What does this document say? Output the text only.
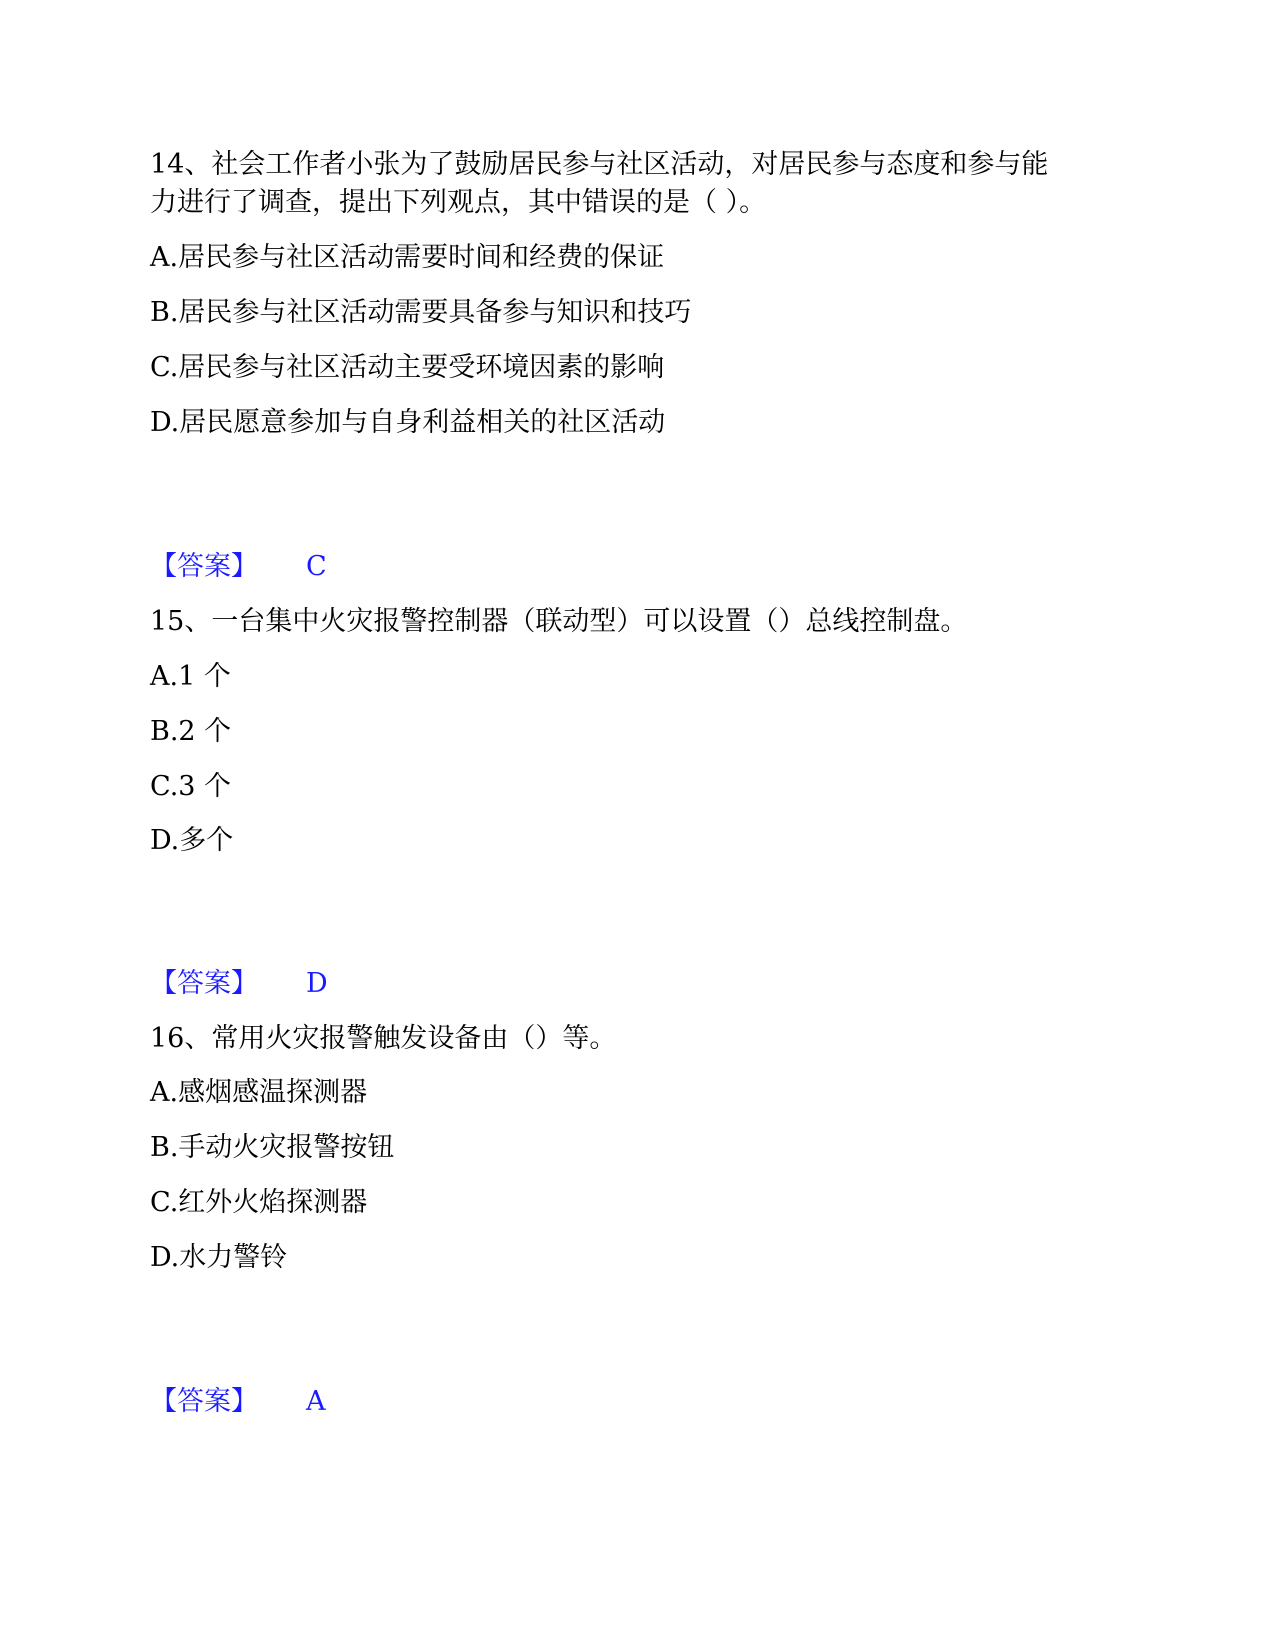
14、社会工作者小张为了鼓励居民参与社区活动，对居民参与态度和参与能
力进行了调查，提出下列观点，其中错误的是（ ）。
A.居民参与社区活动需要时间和经费的保证
B.居民参与社区活动需要具备参与知识和技巧
C.居民参与社区活动主要受环境因素的影响
D.居民愿意参加与自身利益相关的社区活动
【答案】 C
15、一台集中火灾报警控制器（联动型）可以设置（）总线控制盘。
A.1 个
B.2 个
C.3 个
D.多个
【答案】 D
16、常用火灾报警触发设备由（）等。
A.感烟感温探测器
B.手动火灾报警按钮
C.红外火焰探测器
D.水力警铃
【答案】 A
